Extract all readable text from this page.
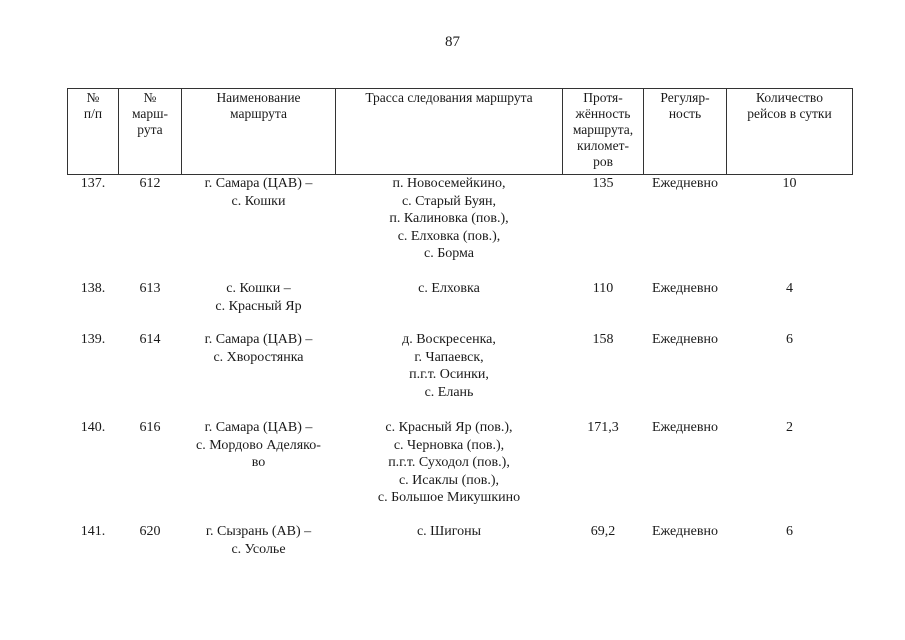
87
№
п/п	№
марш-
рута	Наименование
маршрута	Трасса следования маршрута	Протя-
жённость
маршрута,
километ-
ров	Регуляр-
ность	Количество
рейсов в сутки
137.	612	г. Самара (ЦАВ) –
с. Кошки	п. Новосемейкино,
с. Старый Буян,
п. Калиновка (пов.),
с. Елховка (пов.),
с. Борма	135	Ежедневно	10
138.	613	с. Кошки –
с. Красный Яр	с. Елховка	110	Ежедневно	4
139.	614	г. Самара (ЦАВ) –
с. Хворостянка	д. Воскресенка,
г. Чапаевск,
п.г.т. Осинки,
с. Елань	158	Ежедневно	6
140.	616	г. Самара (ЦАВ) –
с. Мордово Аделяко-
во	с. Красный Яр (пов.),
с. Черновка (пов.),
п.г.т. Суходол (пов.),
с. Исаклы (пов.),
с. Большое Микушкино	171,3	Ежедневно	2
141.	620	г. Сызрань (АВ) –
с. Усолье	с. Шигоны	69,2	Ежедневно	6
